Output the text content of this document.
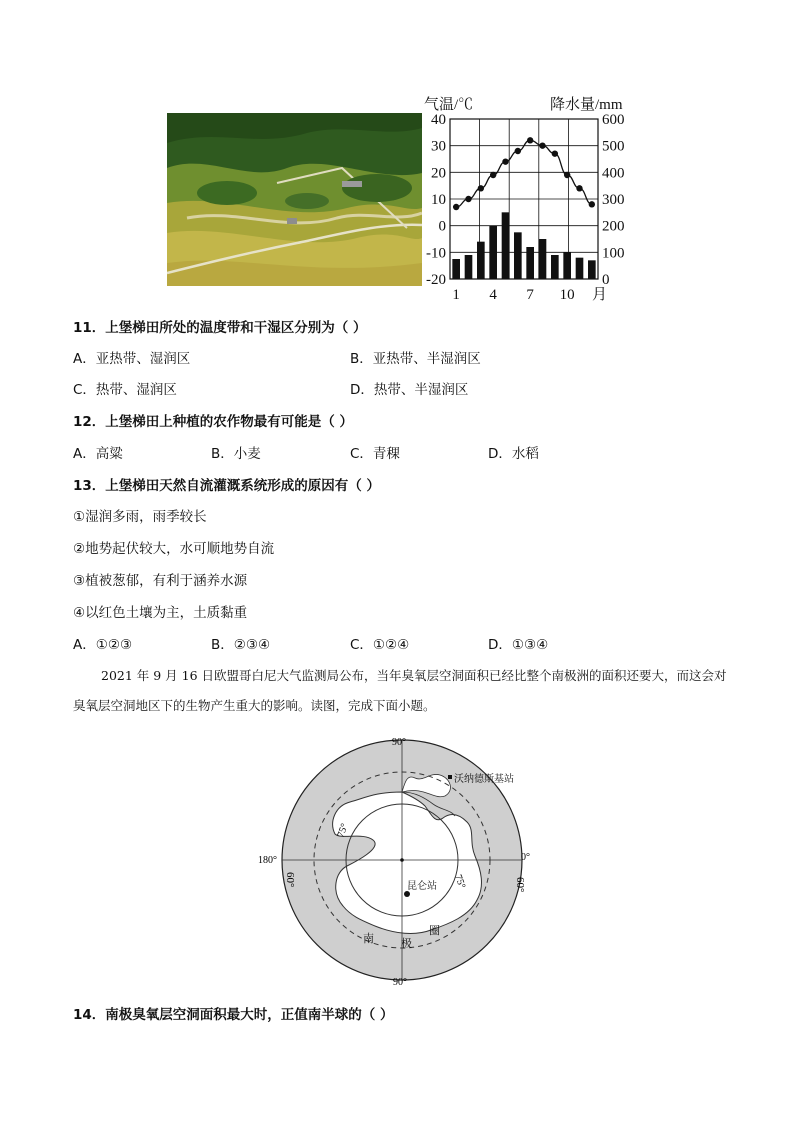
气温/℃	降水量/mm
40
30
20
10
0
-10
-20
600
500
400
300
200
100
0
1 4 7 10 月
11．上堡梯田所处的温度带和干湿区分别为（ ）
A．亚热带、湿润区	B．亚热带、半湿润区
C．热带、湿润区	D．热带、半湿润区
12．上堡梯田上种植的农作物最有可能是（ ）
A．高粱	B．小麦	C．青稞	D．水稻
13．上堡梯田天然自流灌溉系统形成的原因有（ ）
①湿润多雨，雨季较长
②地势起伏较大，水可顺地势自流
③植被葱郁，有利于涵养水源
④以红色土壤为主，土质黏重
A．①②③	B．②③④	C．①②④	D．①③④
2021 年 9 月 16 日欧盟哥白尼大气监测局公布，当年臭氧层空洞面积已经比整个南极洲的面积还要大，而这会对臭氧层空洞地区下的生物产生重大的影响。读图，完成下面小题。
90°
90°
180°	0°
60°	60°
75°
75°
沃纳德斯基站
昆仑站
南 极
圈
14．南极臭氧层空洞面积最大时，正值南半球的（ ）
